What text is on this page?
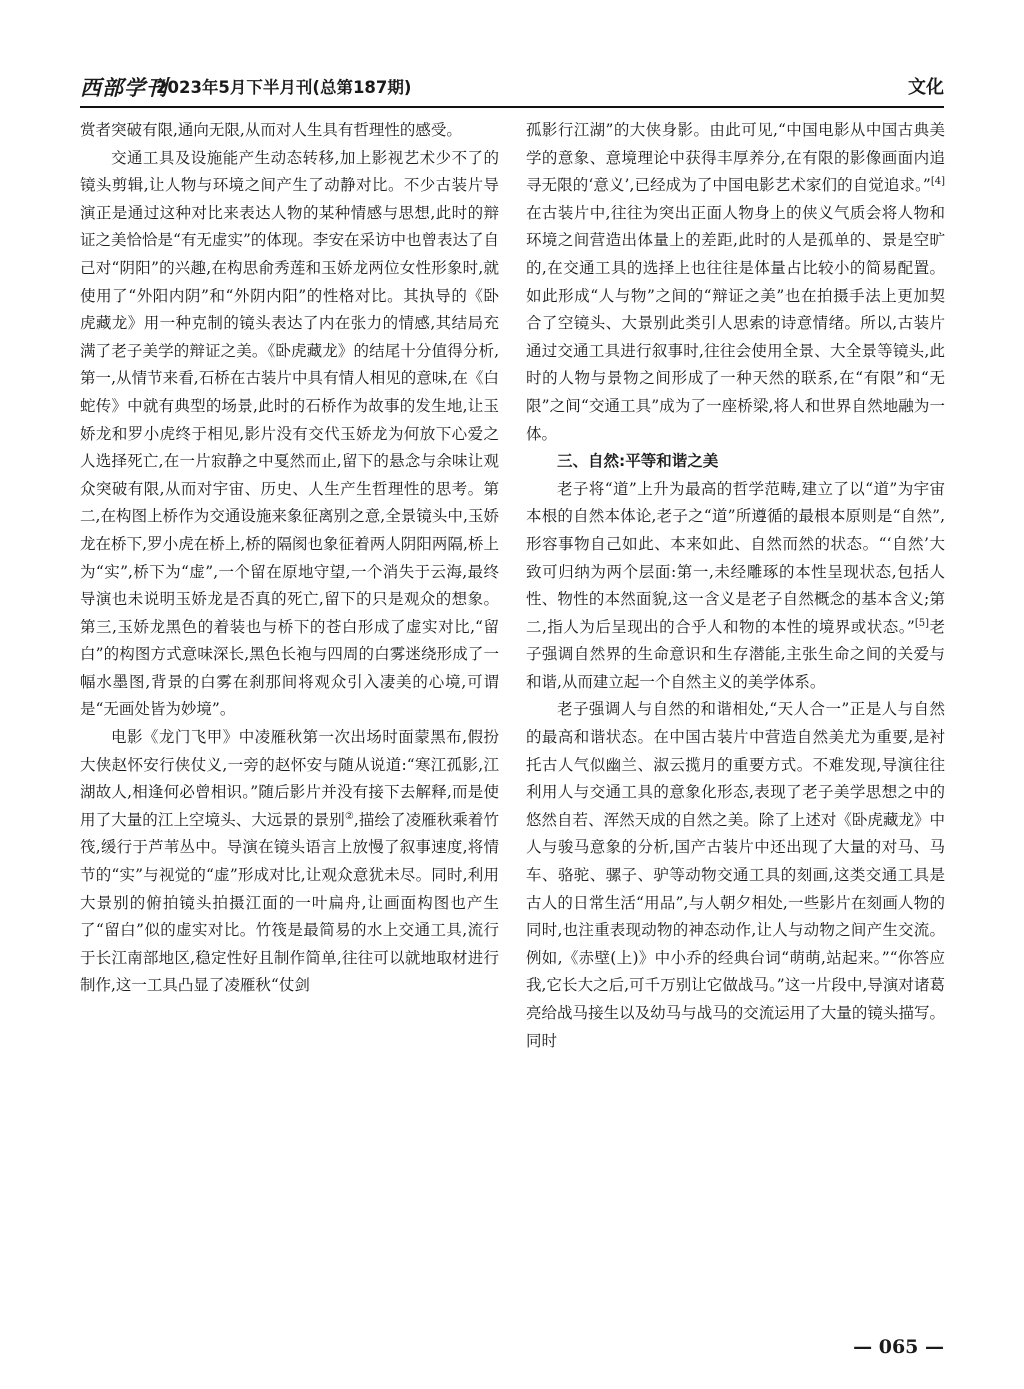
西部学刊
2023年5月下半月刊(总第187期)	文化

赏者突破有限,通向无限,从而对人生具有哲理性的感受。

交通工具及设施能产生动态转移,加上影视艺术少不了的镜头剪辑,让人物与环境之间产生了动静对比。不少古装片导演正是通过这种对比来表达人物的某种情感与思想,此时的辩证之美恰恰是“有无虚实”的体现。李安在采访中也曾表达了自己对“阴阳”的兴趣,在构思俞秀莲和玉娇龙两位女性形象时,就使用了“外阳内阴”和“外阴内阳”的性格对比。其执导的《卧虎藏龙》用一种克制的镜头表达了内在张力的情感,其结局充满了老子美学的辩证之美。《卧虎藏龙》的结尾十分值得分析,第一,从情节来看,石桥在古装片中具有情人相见的意味,在《白蛇传》中就有典型的场景,此时的石桥作为故事的发生地,让玉娇龙和罗小虎终于相见,影片没有交代玉娇龙为何放下心爱之人选择死亡,在一片寂静之中戛然而止,留下的悬念与余味让观众突破有限,从而对宇宙、历史、人生产生哲理性的思考。第二,在构图上桥作为交通设施来象征离别之意,全景镜头中,玉娇龙在桥下,罗小虎在桥上,桥的隔阂也象征着两人阴阳两隔,桥上为“实”,桥下为“虚”,一个留在原地守望,一个消失于云海,最终导演也未说明玉娇龙是否真的死亡,留下的只是观众的想象。第三,玉娇龙黑色的着装也与桥下的苍白形成了虚实对比,“留白”的构图方式意味深长,黑色长袍与四周的白雾迷绕形成了一幅水墨图,背景的白雾在刹那间将观众引入凄美的心境,可谓是“无画处皆为妙境”。

电影《龙门飞甲》中凌雁秋第一次出场时面蒙黑布,假扮大侠赵怀安行侠仗义,一旁的赵怀安与随从说道:“寒江孤影,江湖故人,相逢何必曾相识。”随后影片并没有接下去解释,而是使用了大量的江上空境头、大远景的景别②,描绘了凌雁秋乘着竹筏,缓行于芦苇丛中。导演在镜头语言上放慢了叙事速度,将情节的“实”与视觉的“虚”形成对比,让观众意犹未尽。同时,利用大景别的俯拍镜头拍摄江面的一叶扁舟,让画面构图也产生了“留白”似的虚实对比。竹筏是最简易的水上交通工具,流行于长江南部地区,稳定性好且制作简单,往往可以就地取材进行制作,这一工具凸显了凌雁秋“仗剑

孤影行江湖”的大侠身影。由此可见,“中国电影从中国古典美学的意象、意境理论中获得丰厚养分,在有限的影像画面内追寻无限的‘意义’,已经成为了中国电影艺术家们的自觉追求。”[4]在古装片中,往往为突出正面人物身上的侠义气质会将人物和环境之间营造出体量上的差距,此时的人是孤单的、景是空旷的,在交通工具的选择上也往往是体量占比较小的简易配置。如此形成“人与物”之间的“辩证之美”也在拍摄手法上更加契合了空镜头、大景别此类引人思索的诗意情绪。所以,古装片通过交通工具进行叙事时,往往会使用全景、大全景等镜头,此时的人物与景物之间形成了一种天然的联系,在“有限”和“无限”之间“交通工具”成为了一座桥梁,将人和世界自然地融为一体。

三、自然:平等和谐之美

老子将“道”上升为最高的哲学范畴,建立了以“道”为宇宙本根的自然本体论,老子之“道”所遵循的最根本原则是“自然”,形容事物自己如此、本来如此、自然而然的状态。“‘自然’大致可归纳为两个层面:第一,未经雕琢的本性呈现状态,包括人性、物性的本然面貌,这一含义是老子自然概念的基本含义;第二,指人为后呈现出的合乎人和物的本性的境界或状态。”[5]老子强调自然界的生命意识和生存潜能,主张生命之间的关爱与和谐,从而建立起一个自然主义的美学体系。

老子强调人与自然的和谐相处,“天人合一”正是人与自然的最高和谐状态。在中国古装片中营造自然美尤为重要,是衬托古人气似幽兰、淑云揽月的重要方式。不难发现,导演往往利用人与交通工具的意象化形态,表现了老子美学思想之中的悠然自若、浑然天成的自然之美。除了上述对《卧虎藏龙》中人与骏马意象的分析,国产古装片中还出现了大量的对马、马车、骆驼、骡子、驴等动物交通工具的刻画,这类交通工具是古人的日常生活“用品”,与人朝夕相处,一些影片在刻画人物的同时,也注重表现动物的神态动作,让人与动物之间产生交流。例如,《赤壁(上)》中小乔的经典台词“萌萌,站起来。”“你答应我,它长大之后,可千万别让它做战马。”这一片段中,导演对诸葛亮给战马接生以及幼马与战马的交流运用了大量的镜头描写。同时

— 065 —
